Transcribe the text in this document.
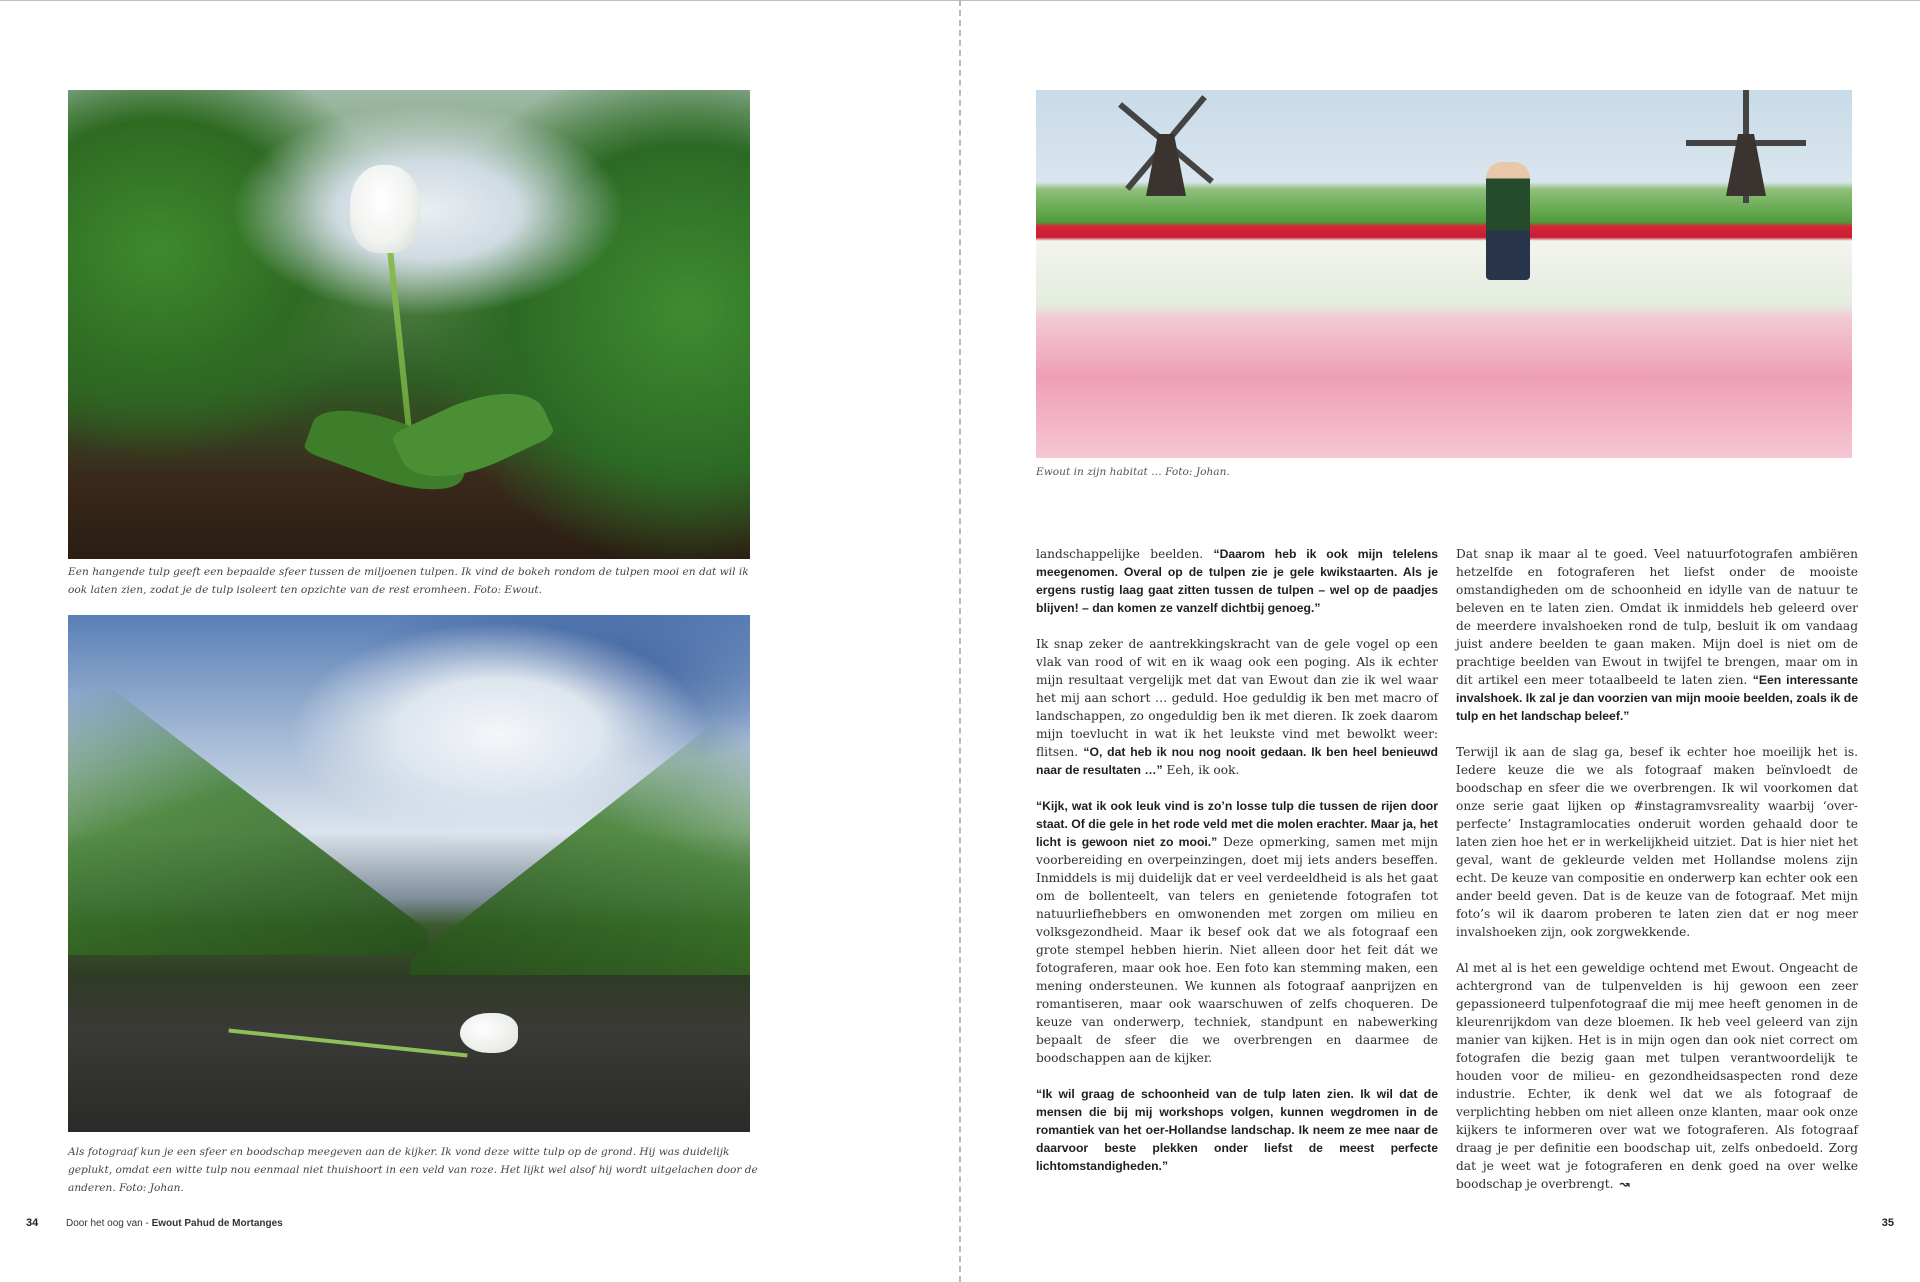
Een hangende tulp geeft een bepaalde sfeer tussen de miljoenen tulpen. Ik vind de bokeh rondom de tulpen mooi en dat wil ik ook laten zien, zodat je de tulp isoleert ten opzichte van de rest eromheen. Foto: Ewout.

Als fotograaf kun je een sfeer en boodschap meegeven aan de kijker. Ik vond deze witte tulp op de grond. Hij was duidelijk geplukt, omdat een witte tulp nou eenmaal niet thuishoort in een veld van roze. Het lijkt wel alsof hij wordt uitgelachen door de anderen. Foto: Johan.

34	Door het oog van - Ewout Pahud de Mortanges

Ewout in zijn habitat … Foto: Johan.

landschappelijke beelden. “Daarom heb ik ook mijn telelens meegenomen. Overal op de tulpen zie je gele kwikstaarten. Als je ergens rustig laag gaat zitten tussen de tulpen – wel op de paadjes blijven! – dan komen ze vanzelf dichtbij genoeg.”

Ik snap zeker de aantrekkingskracht van de gele vogel op een vlak van rood of wit en ik waag ook een poging. Als ik echter mijn resultaat vergelijk met dat van Ewout dan zie ik wel waar het mij aan schort … geduld. Hoe geduldig ik ben met macro of landschappen, zo ongeduldig ben ik met dieren. Ik zoek daarom mijn toevlucht in wat ik het leukste vind met bewolkt weer: flitsen. “O, dat heb ik nou nog nooit gedaan. Ik ben heel benieuwd naar de resultaten …” Eeh, ik ook.

“Kijk, wat ik ook leuk vind is zo’n losse tulp die tussen de rijen door staat. Of die gele in het rode veld met die molen erachter. Maar ja, het licht is gewoon niet zo mooi.” Deze opmerking, samen met mijn voorbereiding en overpeinzingen, doet mij iets anders beseffen. Inmiddels is mij duidelijk dat er veel verdeeldheid is als het gaat om de bollenteelt, van telers en genietende fotografen tot natuurliefhebbers en omwonenden met zorgen om milieu en volksgezondheid. Maar ik besef ook dat we als fotograaf een grote stempel hebben hierin. Niet alleen door het feit dát we fotograferen, maar ook hoe. Een foto kan stemming maken, een mening ondersteunen. We kunnen als fotograaf aanprijzen en romantiseren, maar ook waarschuwen of zelfs choqueren. De keuze van onderwerp, techniek, standpunt en nabewerking bepaalt de sfeer die we overbrengen en daarmee de boodschappen aan de kijker.

“Ik wil graag de schoonheid van de tulp laten zien. Ik wil dat de mensen die bij mij workshops volgen, kunnen wegdromen in de romantiek van het oer-Hollandse landschap. Ik neem ze mee naar de daarvoor beste plekken onder liefst de meest perfecte lichtomstandigheden.”

Dat snap ik maar al te goed. Veel natuurfotografen ambiëren hetzelfde en fotograferen het liefst onder de mooiste omstandigheden om de schoonheid en idylle van de natuur te beleven en te laten zien. Omdat ik inmiddels heb geleerd over de meerdere invalshoeken rond de tulp, besluit ik om vandaag juist andere beelden te gaan maken. Mijn doel is niet om de prachtige beelden van Ewout in twijfel te brengen, maar om in dit artikel een meer totaalbeeld te laten zien. “Een interessante invalshoek. Ik zal je dan voorzien van mijn mooie beelden, zoals ik de tulp en het landschap beleef.”

Terwijl ik aan de slag ga, besef ik echter hoe moeilijk het is. Iedere keuze die we als fotograaf maken beïnvloedt de boodschap en sfeer die we overbrengen. Ik wil voorkomen dat onze serie gaat lijken op #instagramvsreality waarbij ‘over-perfecte’ Instagramlocaties onderuit worden gehaald door te laten zien hoe het er in werkelijkheid uitziet. Dat is hier niet het geval, want de gekleurde velden met Hollandse molens zijn echt. De keuze van compositie en onderwerp kan echter ook een ander beeld geven. Dat is de keuze van de fotograaf. Met mijn foto’s wil ik daarom proberen te laten zien dat er nog meer invalshoeken zijn, ook zorgwekkende.

Al met al is het een geweldige ochtend met Ewout. Ongeacht de achtergrond van de tulpenvelden is hij gewoon een zeer gepassioneerd tulpenfotograaf die mij mee heeft genomen in de kleurenrijkdom van deze bloemen. Ik heb veel geleerd van zijn manier van kijken. Het is in mijn ogen dan ook niet correct om fotografen die bezig gaan met tulpen verantwoordelijk te houden voor de milieu- en gezondheidsaspecten rond deze industrie. Echter, ik denk wel dat we als fotograaf de verplichting hebben om niet alleen onze klanten, maar ook onze kijkers te informeren over wat we fotograferen. Als fotograaf draag je per definitie een boodschap uit, zelfs onbedoeld. Zorg dat je weet wat je fotograferen en denk goed na over welke boodschap je overbrengt. ↝

35
